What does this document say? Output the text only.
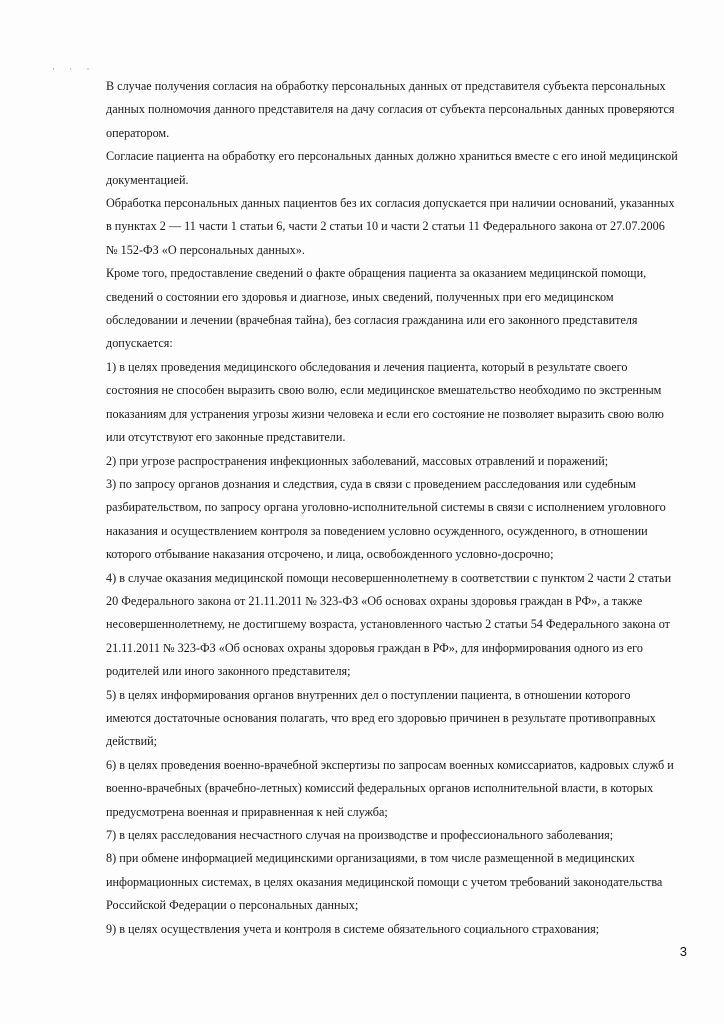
· · ·

В случае получения согласия на обработку персональных данных от представителя субъекта персональных данных полномочия данного представителя на дачу согласия от субъекта персональных данных проверяются оператором.

Согласие пациента на обработку его персональных данных должно храниться вместе с его иной медицинской документацией.

Обработка персональных данных пациентов без их согласия допускается при наличии оснований, указанных в пунктах 2 — 11 части 1 статьи 6, части 2 статьи 10 и части 2 статьи 11 Федерального закона от 27.07.2006 № 152-ФЗ «О персональных данных».

Кроме того, предоставление сведений о факте обращения пациента за оказанием медицинской помощи, сведений о состоянии его здоровья и диагнозе, иных сведений, полученных при его медицинском обследовании и лечении (врачебная тайна), без согласия гражданина или его законного представителя допускается:

1) в целях проведения медицинского обследования и лечения пациента, который в результате своего состояния не способен выразить свою волю, если медицинское вмешательство необходимо по экстренным показаниям для устранения угрозы жизни человека и если его состояние не позволяет выразить свою волю или отсутствуют его законные представители.

2) при угрозе распространения инфекционных заболеваний, массовых отравлений и поражений;

3) по запросу органов дознания и следствия, суда в связи с проведением расследования или судебным разбирательством, по запросу органа уголовно-исполнительной системы в связи с исполнением уголовного наказания и осуществлением контроля за поведением условно осужденного, осужденного, в отношении которого отбывание наказания отсрочено, и лица, освобожденного условно-досрочно;

4) в случае оказания медицинской помощи несовершеннолетнему в соответствии с пунктом 2 части 2 статьи 20 Федерального закона от 21.11.2011 № 323-ФЗ «Об основах охраны здоровья граждан в РФ», а также несовершеннолетнему, не достигшему возраста, установленного частью 2 статьи 54 Федерального закона от 21.11.2011 № 323-ФЗ «Об основах охраны здоровья граждан в РФ», для информирования одного из его родителей или иного законного представителя;

5) в целях информирования органов внутренних дел о поступлении пациента, в отношении которого имеются достаточные основания полагать, что вред его здоровью причинен в результате противоправных действий;

6) в целях проведения военно-врачебной экспертизы по запросам военных комиссариатов, кадровых служб и военно-врачебных (врачебно-летных) комиссий федеральных органов исполнительной власти, в которых предусмотрена военная и приравненная к ней служба;

7) в целях расследования несчастного случая на производстве и профессионального заболевания;

8) при обмене информацией медицинскими организациями, в том числе размещенной в медицинских информационных системах, в целях оказания медицинской помощи с учетом требований законодательства Российской Федерации о персональных данных;

9) в целях осуществления учета и контроля в системе обязательного социального страхования;

3
